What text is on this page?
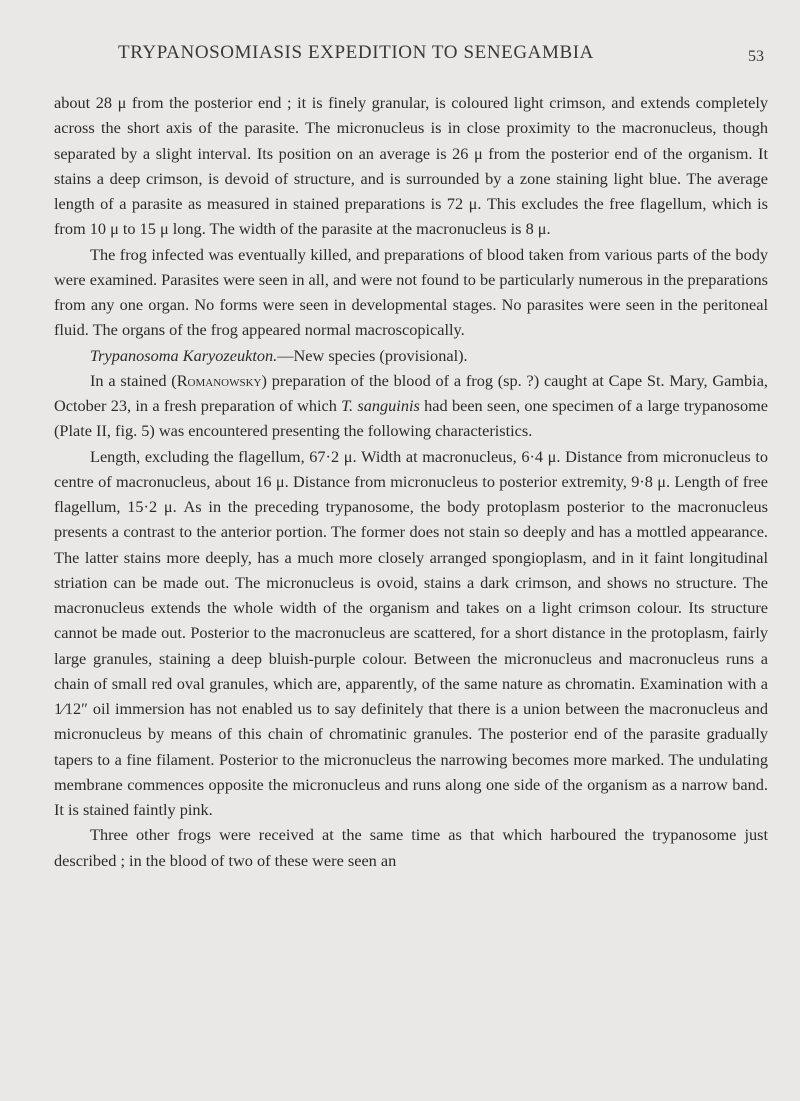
TRYPANOSOMIASIS EXPEDITION TO SENEGAMBIA	53

about 28 μ from the posterior end ; it is finely granular, is coloured light crimson, and extends completely across the short axis of the parasite. The micronucleus is in close proximity to the macronucleus, though separated by a slight interval. Its position on an average is 26 μ from the posterior end of the organism. It stains a deep crimson, is devoid of structure, and is surrounded by a zone staining light blue. The average length of a parasite as measured in stained preparations is 72 μ. This excludes the free flagellum, which is from 10 μ to 15 μ long. The width of the parasite at the macronucleus is 8 μ.

The frog infected was eventually killed, and preparations of blood taken from various parts of the body were examined. Parasites were seen in all, and were not found to be particularly numerous in the preparations from any one organ. No forms were seen in developmental stages. No parasites were seen in the peritoneal fluid. The organs of the frog appeared normal macroscopically.

Trypanosoma Karyozeukton.—New species (provisional).

In a stained (Romanowsky) preparation of the blood of a frog (sp. ?) caught at Cape St. Mary, Gambia, October 23, in a fresh preparation of which T. sanguinis had been seen, one specimen of a large trypanosome (Plate II, fig. 5) was encountered presenting the following characteristics.

Length, excluding the flagellum, 67·2 μ. Width at macronucleus, 6·4 μ. Distance from micronucleus to centre of macronucleus, about 16 μ. Distance from micronucleus to posterior extremity, 9·8 μ. Length of free flagellum, 15·2 μ. As in the preceding trypanosome, the body protoplasm posterior to the macronucleus presents a contrast to the anterior portion. The former does not stain so deeply and has a mottled appearance. The latter stains more deeply, has a much more closely arranged spongioplasm, and in it faint longitudinal striation can be made out. The micronucleus is ovoid, stains a dark crimson, and shows no structure. The macronucleus extends the whole width of the organism and takes on a light crimson colour. Its structure cannot be made out. Posterior to the macronucleus are scattered, for a short distance in the protoplasm, fairly large granules, staining a deep bluish-purple colour. Between the micronucleus and macronucleus runs a chain of small red oval granules, which are, apparently, of the same nature as chromatin. Examination with a 1⁄12″ oil immersion has not enabled us to say definitely that there is a union between the macronucleus and micronucleus by means of this chain of chromatinic granules. The posterior end of the parasite gradually tapers to a fine filament. Posterior to the micronucleus the narrowing becomes more marked. The undulating membrane commences opposite the micronucleus and runs along one side of the organism as a narrow band. It is stained faintly pink.

Three other frogs were received at the same time as that which harboured the trypanosome just described ; in the blood of two of these were seen an
